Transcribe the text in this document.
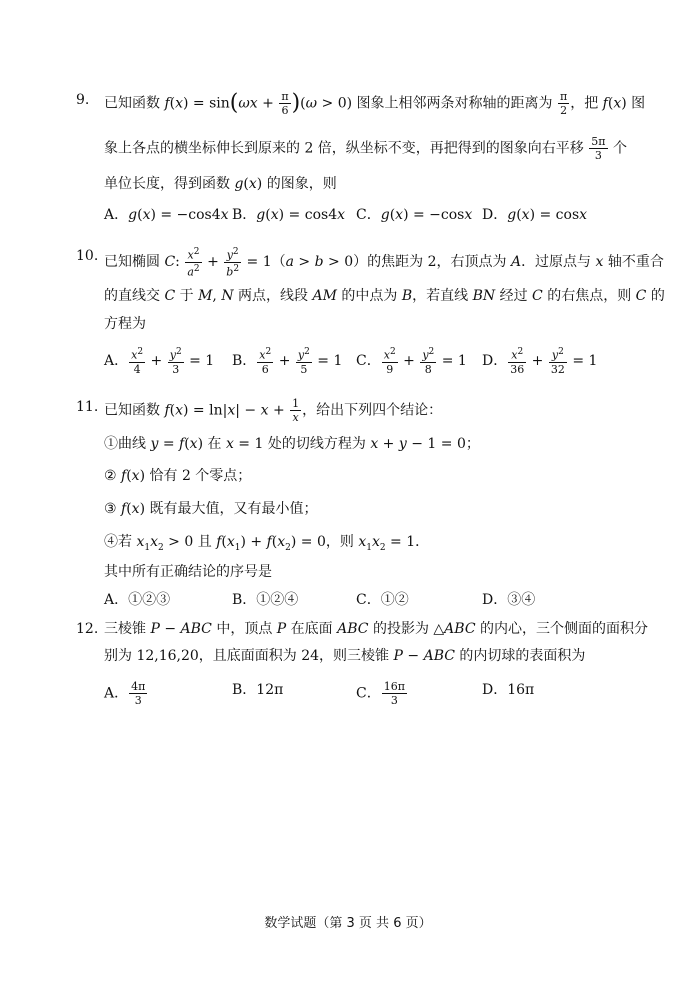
9. 已知函数 $f(x) = \sin(\omega x + \frac{\pi}{6} )(\omega > 0)$ 图象上相邻两条对称轴的距离为 $\frac{\pi}{2}$ ，把 f(x) 图
象上各点的横坐标伸长到原来的 2 倍，纵坐标不变，再把得到的图象向右平移 $\frac{5\pi}{3}$ 个
单位长度，得到函数 g(x) 的图象，则
A．g(x) = −cos4x B．g(x) = cos4x C．g(x) = −cosx D．g(x) = cosx
10. 已知椭圆 C: $\frac{x^2}{a^2} + \frac{y^2}{b^2} = 1(a > b > 0)$的焦距为 2，右顶点为 A．过原点与 x 轴不重合
的直线交 C 于 M, N 两点，线段 AM 的中点为 B，若直线 BN 经过 C 的右焦点，则 C 的
方程为
A． $\frac{x^2}{4} + \frac{y^2}{3} = 1$ B． $\frac{x^2}{6} + \frac{y^2}{5} = 1$ C． $\frac{x^2}{9} + \frac{y^2}{8} = 1$ D． $\frac{x^2}{36} + \frac{y^2}{32} = 1$
11. 已知函数 $f(x) = \ln|x| - x + \frac{1}{x}$ ，给出下列四个结论：
①曲线 y = f(x) 在 x = 1 处的切线方程为 x + y − 1 = 0；
② f(x) 恰有 2 个零点；
③ f(x) 既有最大值，又有最小值；
④若 $x_1x_2 > 0$ 且 $f(x_1) + f(x_2) = 0$，则 $x_1x_2 = 1$．
其中所有正确结论的序号是
A．①②③	B．①②④	C．①②	D．③④
12. 三棱锥 P − ABC 中，顶点 P 在底面 ABC 的投影为 △ABC 的内心，三个侧面的面积分
别为 12,16,20，且底面面积为 24，则三棱锥 P − ABC 的内切球的表面积为
A． $\frac{4\pi}{3}$	B．12π	C． $\frac{16\pi}{3}$	D．16π
数学试题（第 3 页 共 6 页）
